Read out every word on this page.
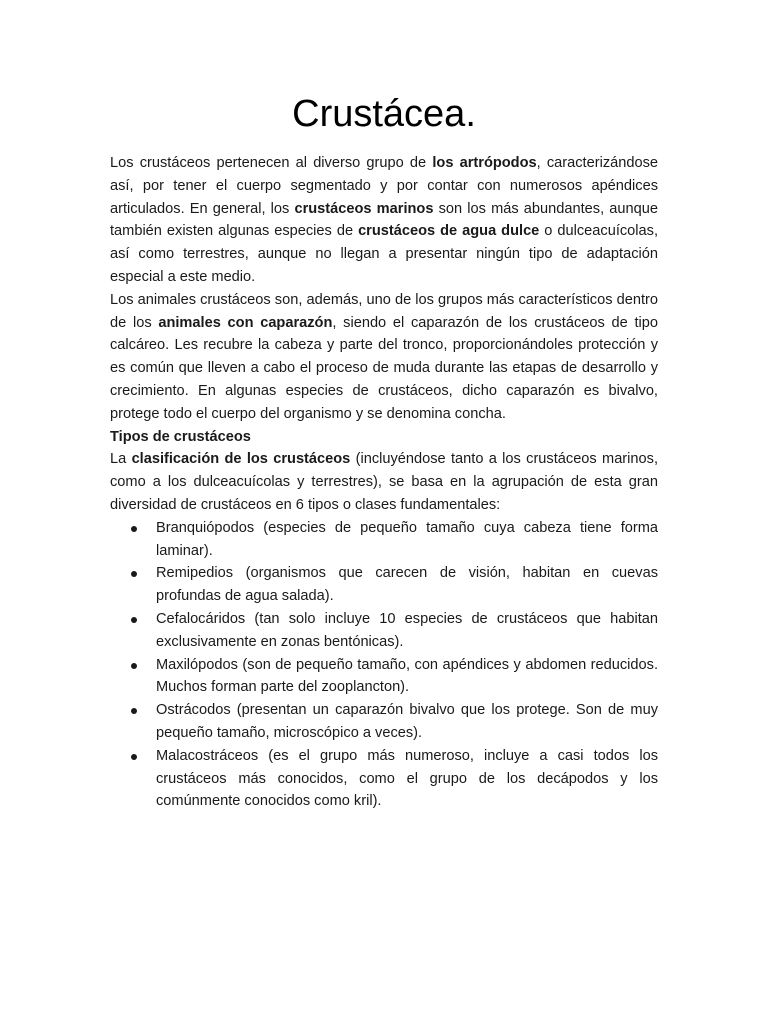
Crustácea.

Los crustáceos pertenecen al diverso grupo de los artrópodos, caracterizándose así, por tener el cuerpo segmentado y por contar con numerosos apéndices articulados. En general, los crustáceos marinos son los más abundantes, aunque también existen algunas especies de crustáceos de agua dulce o dulceacuícolas, así como terrestres, aunque no llegan a presentar ningún tipo de adaptación especial a este medio.

Los animales crustáceos son, además, uno de los grupos más característicos dentro de los animales con caparazón, siendo el caparazón de los crustáceos de tipo calcáreo. Les recubre la cabeza y parte del tronco, proporcionándoles protección y es común que lleven a cabo el proceso de muda durante las etapas de desarrollo y crecimiento. En algunas especies de crustáceos, dicho caparazón es bivalvo, protege todo el cuerpo del organismo y se denomina concha.

Tipos de crustáceos

La clasificación de los crustáceos (incluyéndose tanto a los crustáceos marinos, como a los dulceacuícolas y terrestres), se basa en la agrupación de esta gran diversidad de crustáceos en 6 tipos o clases fundamentales:

Branquiópodos (especies de pequeño tamaño cuya cabeza tiene forma laminar).
Remipedios (organismos que carecen de visión, habitan en cuevas profundas de agua salada).
Cefalocáridos (tan solo incluye 10 especies de crustáceos que habitan exclusivamente en zonas bentónicas).
Maxilópodos (son de pequeño tamaño, con apéndices y abdomen reducidos. Muchos forman parte del zooplancton).
Ostrácodos (presentan un caparazón bivalvo que los protege. Son de muy pequeño tamaño, microscópico a veces).
Malacostráceos (es el grupo más numeroso, incluye a casi todos los crustáceos más conocidos, como el grupo de los decápodos y los comúnmente conocidos como kril).
